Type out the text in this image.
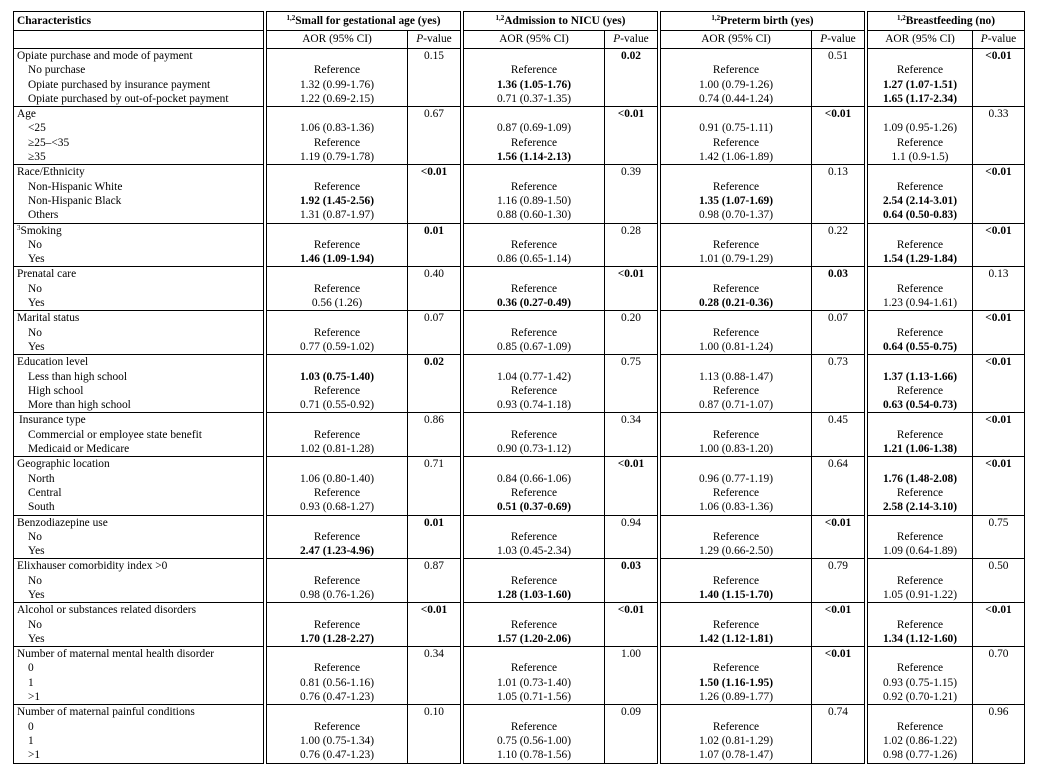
Characteristics		$^{1,2}$Small for gestational age (yes)			$^{1,2}$Admission to NICU (yes)			$^{1,2}$Preterm birth (yes)			$^{1,2}$Breastfeeding (no)	
		AOR (95% CI)	P-value		AOR (95% CI)	P-value		AOR (95% CI)	P-value		AOR (95% CI)	P-value
Opiate purchase and mode of payment			0.15			0.02			0.51			<0.01
No purchase		Reference			Reference			Reference			Reference	
Opiate purchased by insurance payment		1.32 (0.99-1.76)			1.36 (1.05-1.76)			1.00 (0.79-1.26)			1.27 (1.07-1.51)	
Opiate purchased by out-of-pocket payment		1.22 (0.69-2.15)			0.71 (0.37-1.35)			0.74 (0.44-1.24)			1.65 (1.17-2.34)	
Age			0.67			<0.01			<0.01			0.33
<25		1.06 (0.83-1.36)			0.87 (0.69-1.09)			0.91 (0.75-1.11)			1.09 (0.95-1.26)	
≥25–<35		Reference			Reference			Reference			Reference	
≥35		1.19 (0.79-1.78)			1.56 (1.14-2.13)			1.42 (1.06-1.89)			1.1 (0.9-1.5)	
Race/Ethnicity			<0.01			0.39			0.13			<0.01
Non-Hispanic White		Reference			Reference			Reference			Reference	
Non-Hispanic Black		1.92 (1.45-2.56)			1.16 (0.89-1.50)			1.35 (1.07-1.69)			2.54 (2.14-3.01)	
Others		1.31 (0.87-1.97)			0.88 (0.60-1.30)			0.98 (0.70-1.37)			0.64 (0.50-0.83)	
$^3$Smoking			0.01			0.28			0.22			<0.01
No		Reference			Reference			Reference			Reference	
Yes		1.46 (1.09-1.94)			0.86 (0.65-1.14)			1.01 (0.79-1.29)			1.54 (1.29-1.84)	
Prenatal care			0.40			<0.01			0.03			0.13
No		Reference			Reference			Reference			Reference	
Yes		0.56 (1.26)			0.36 (0.27-0.49)			0.28 (0.21-0.36)			1.23 (0.94-1.61)	
Marital status			0.07			0.20			0.07			<0.01
No		Reference			Reference			Reference			Reference	
Yes		0.77 (0.59-1.02)			0.85 (0.67-1.09)			1.00 (0.81-1.24)			0.64 (0.55-0.75)	
Education level			0.02			0.75			0.73			<0.01
Less than high school		1.03 (0.75-1.40)			1.04 (0.77-1.42)			1.13 (0.88-1.47)			1.37 (1.13-1.66)	
High school		Reference			Reference			Reference			Reference	
More than high school		0.71 (0.55-0.92)			0.93 (0.74-1.18)			0.87 (0.71-1.07)			0.63 (0.54-0.73)	
Insurance type			0.86			0.34			0.45			<0.01
Commercial or employee state benefit		Reference			Reference			Reference			Reference	
Medicaid or Medicare		1.02 (0.81-1.28)			0.90 (0.73-1.12)			1.00 (0.83-1.20)			1.21 (1.06-1.38)	
Geographic location			0.71			<0.01			0.64			<0.01
North		1.06 (0.80-1.40)			0.84 (0.66-1.06)			0.96 (0.77-1.19)			1.76 (1.48-2.08)	
Central		Reference			Reference			Reference			Reference	
South		0.93 (0.68-1.27)			0.51 (0.37-0.69)			1.06 (0.83-1.36)			2.58 (2.14-3.10)	
Benzodiazepine use			0.01			0.94			<0.01			0.75
No		Reference			Reference			Reference			Reference	
Yes		2.47 (1.23-4.96)			1.03 (0.45-2.34)			1.29 (0.66-2.50)			1.09 (0.64-1.89)	
Elixhauser comorbidity index >0			0.87			0.03			0.79			0.50
No		Reference			Reference			Reference			Reference	
Yes		0.98 (0.76-1.26)			1.28 (1.03-1.60)			1.40 (1.15-1.70)			1.05 (0.91-1.22)	
Alcohol or substances related disorders			<0.01			<0.01			<0.01			<0.01
No		Reference			Reference			Reference			Reference	
Yes		1.70 (1.28-2.27)			1.57 (1.20-2.06)			1.42 (1.12-1.81)			1.34 (1.12-1.60)	
Number of maternal mental health disorder			0.34			1.00			<0.01			0.70
0		Reference			Reference			Reference			Reference	
1		0.81 (0.56-1.16)			1.01 (0.73-1.40)			1.50 (1.16-1.95)			0.93 (0.75-1.15)	
>1		0.76 (0.47-1.23)			1.05 (0.71-1.56)			1.26 (0.89-1.77)			0.92 (0.70-1.21)	
Number of maternal painful conditions			0.10			0.09			0.74			0.96
0		Reference			Reference			Reference			Reference	
1		1.00 (0.75-1.34)			0.75 (0.56-1.00)			1.02 (0.81-1.29)			1.02 (0.86-1.22)	
>1		0.76 (0.47-1.23)			1.10 (0.78-1.56)			1.07 (0.78-1.47)			0.98 (0.77-1.26)	
